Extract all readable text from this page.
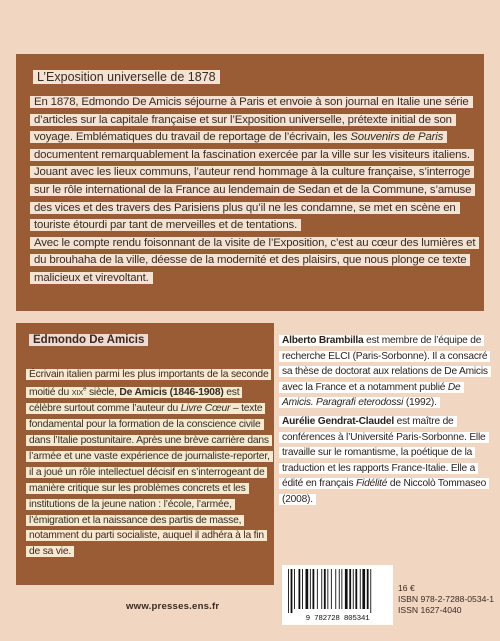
L’Exposition universelle de 1878

En 1878, Edmondo De Amicis séjourne à Paris et envoie à son journal en Italie une série d’articles sur la capitale française et sur l’Exposition universelle, prétexte initial de son voyage. Emblématiques du travail de reportage de l’écrivain, les Souvenirs de Paris documentent remarquablement la fascination exercée par la ville sur les visiteurs italiens. Jouant avec les lieux communs, l’auteur rend hommage à la culture française, s’interroge sur le rôle international de la France au lendemain de Sedan et de la Commune, s’amuse des vices et des travers des Parisiens plus qu’il ne les condamne, se met en scène en touriste étourdi par tant de merveilles et de tentations.

Avec le compte rendu foisonnant de la visite de l’Exposition, c’est au cœur des lumières et du brouhaha de la ville, déesse de la modernité et des plaisirs, que nous plonge ce texte malicieux et virevoltant.

Edmondo De Amicis
Écrivain italien parmi les plus importants de la seconde moitié du XIXe siècle, De Amicis (1846-1908) est célèbre surtout comme l’auteur du Livre Cœur – texte fondamental pour la formation de la conscience civile dans l’Italie postunitaire. Après une brève carrière dans l’armée et une vaste expérience de journaliste-reporter, il a joué un rôle intellectuel décisif en s’interrogeant de manière critique sur les problèmes concrets et les institutions de la jeune nation : l’école, l’armée, l’émigration et la naissance des partis de masse, notamment du parti socialiste, auquel il adhéra à la fin de sa vie.

Alberto Brambilla est membre de l’équipe de recherche ELCI (Paris-Sorbonne). Il a consacré sa thèse de doctorat aux relations de De Amicis avec la France et a notamment publié De Amicis. Paragrafi eterodossi (1992).

Aurélie Gendrat-Claudel est maître de conférences à l’Université Paris-Sorbonne. Elle travaille sur le romantisme, la poétique de la traduction et les rapports France-Italie. Elle a édité en français Fidélité de Niccolò Tommaseo (2008).

9 782728 805341
16 €
ISBN 978-2-7288-0534-1
ISSN 1627-4040
www.presses.ens.fr
